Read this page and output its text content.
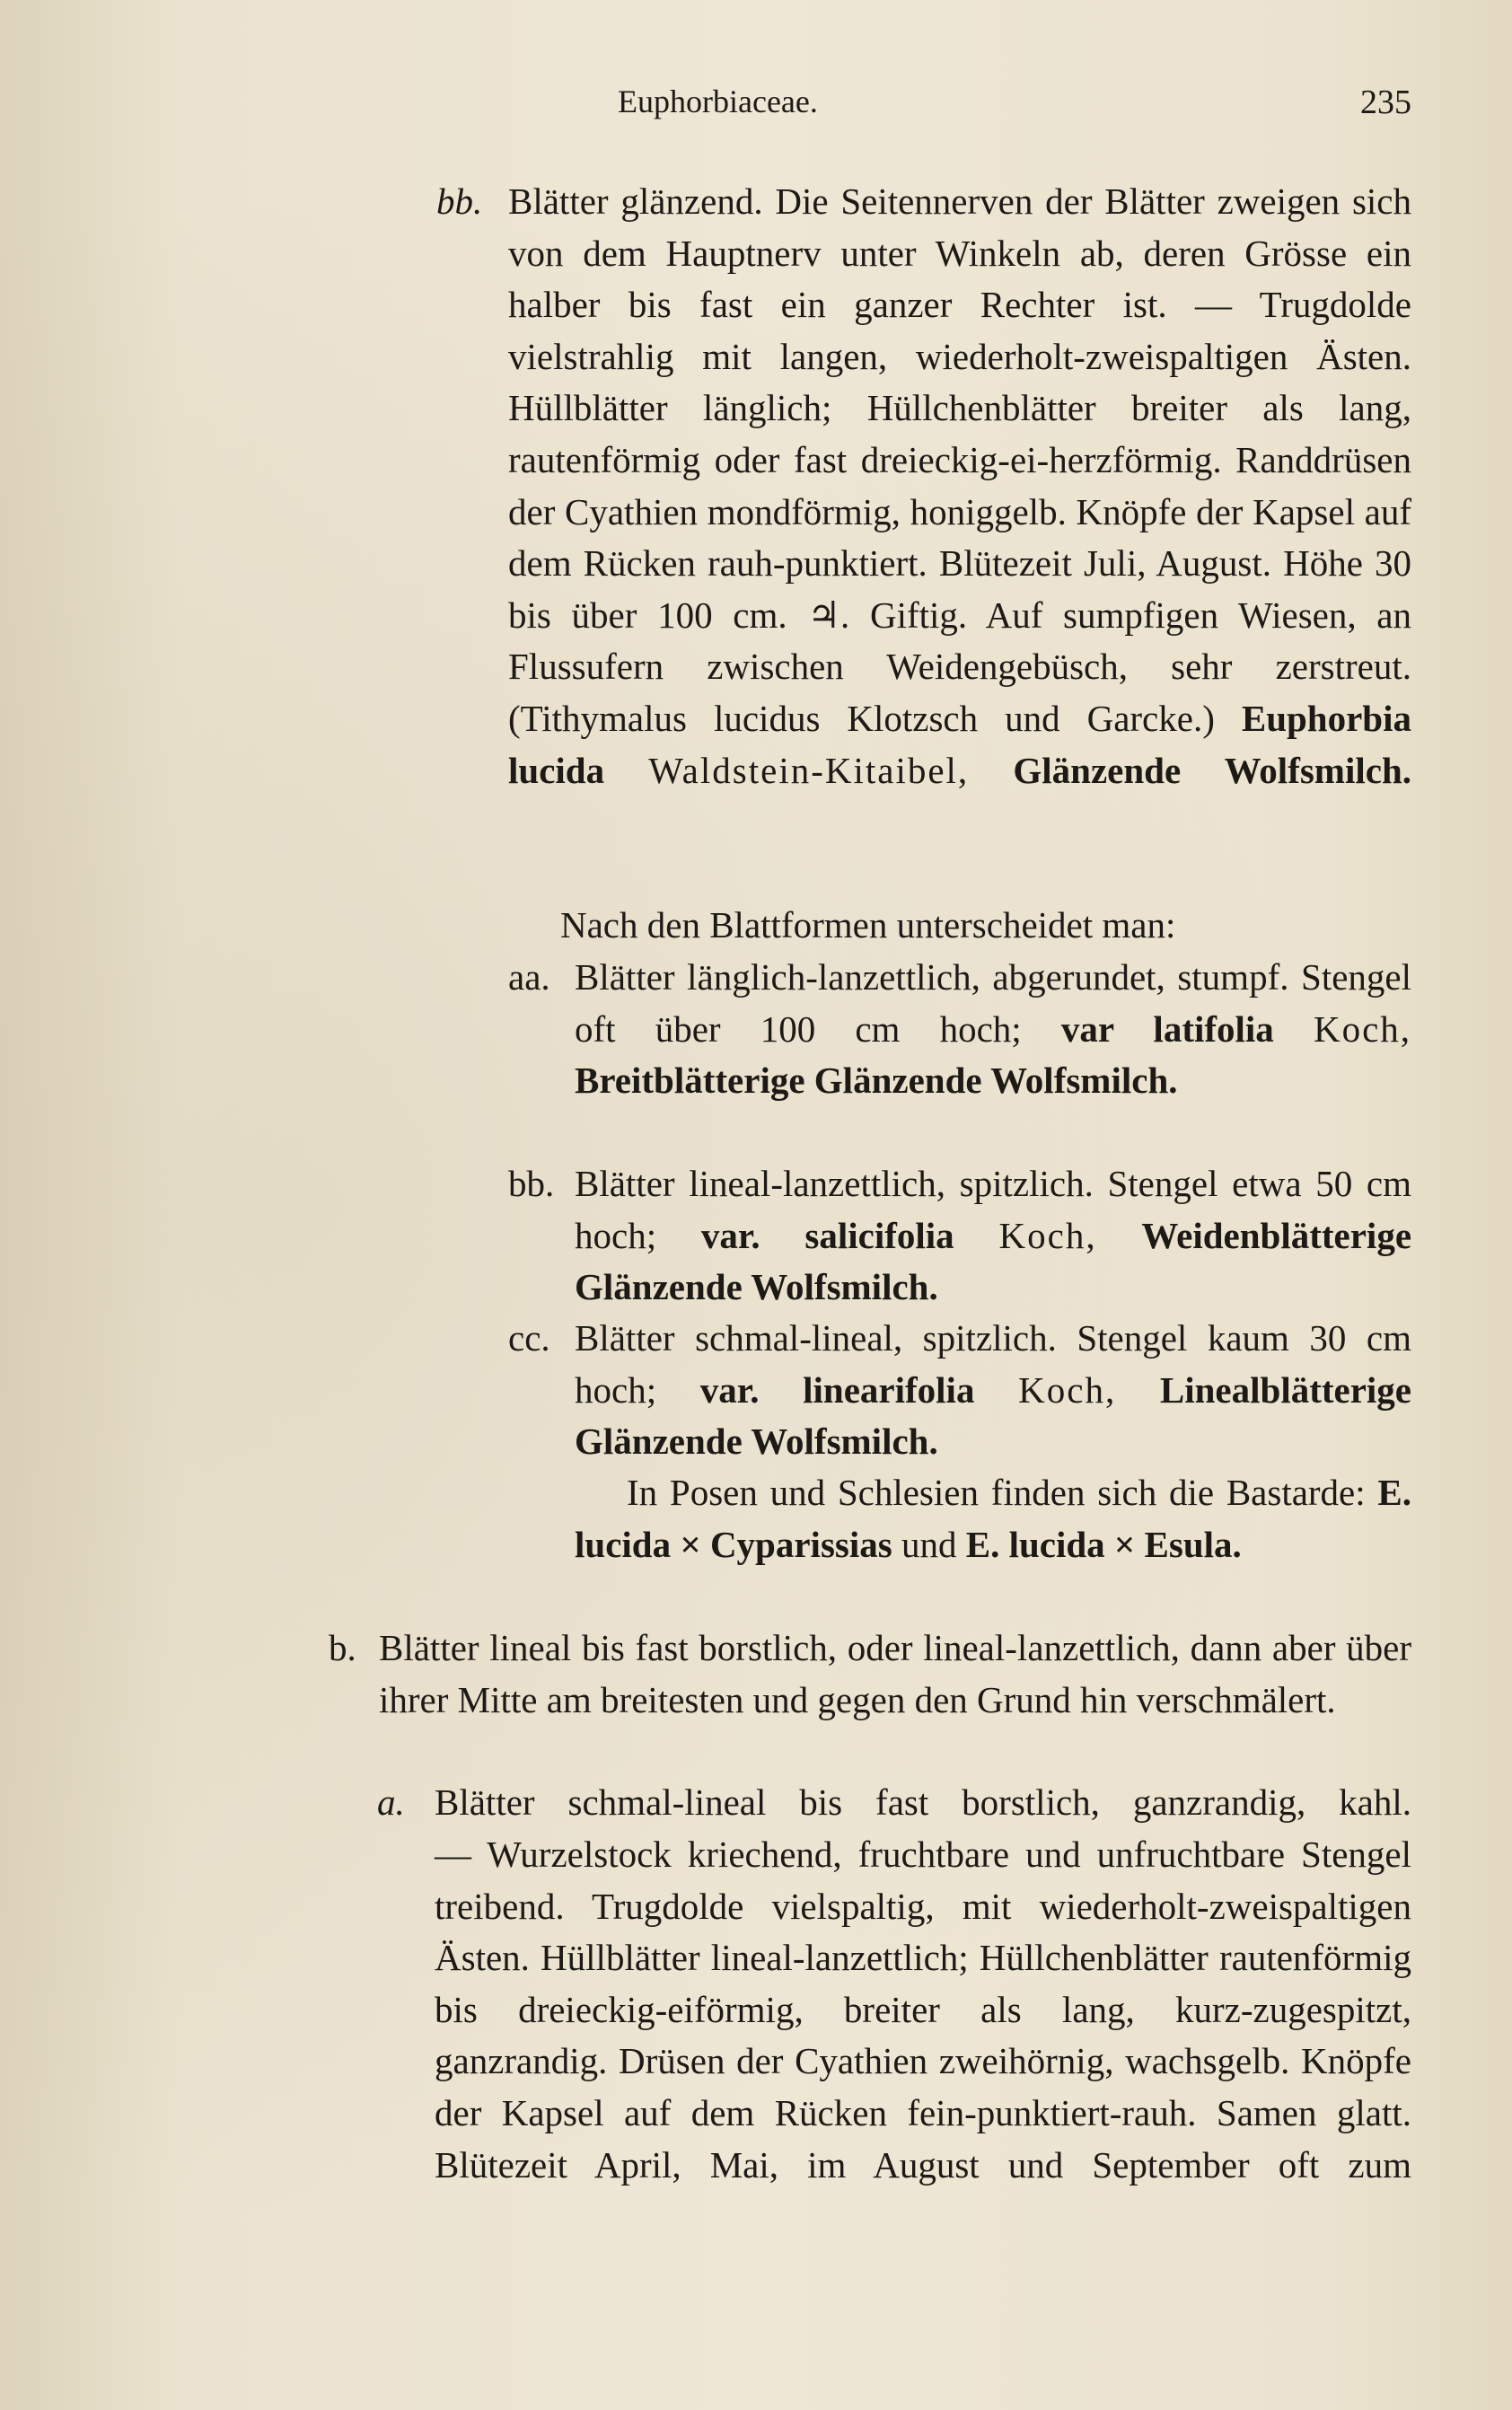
Euphorbiaceae.	235
bb. Blätter glänzend. Die Seitennerven der Blätter zweigen sich von dem Hauptnerv unter Winkeln ab, deren Grösse ein halber bis fast ein ganzer Rechter ist. — Trugdolde vielstrahlig mit langen, wiederholt-zweispaltigen Ästen. Hüllblätter länglich; Hüllchenblätter breiter als lang, rautenförmig oder fast dreieckig-ei-herzförmig. Randdrüsen der Cyathien mondförmig, honiggelb. Knöpfe der Kapsel auf dem Rücken rauh-punktiert. Blütezeit Juli, August. Höhe 30 bis über 100 cm. ♃. Giftig. Auf sumpfigen Wiesen, an Flussufern zwischen Weidengebüsch, sehr zerstreut. (Tithymalus lucidus Klotzsch und Garcke.) Euphorbia lucida Waldstein-Kitaibel, Glänzende Wolfsmilch.
Nach den Blattformen unterscheidet man:
aa. Blätter länglich-lanzettlich, abgerundet, stumpf. Stengel oft über 100 cm hoch; var latifolia Koch, Breitblätterige Glänzende Wolfsmilch.
bb. Blätter lineal-lanzettlich, spitzlich. Stengel etwa 50 cm hoch; var. salicifolia Koch, Weidenblätterige Glänzende Wolfsmilch.
cc. Blätter schmal-lineal, spitzlich. Stengel kaum 30 cm hoch; var. linearifolia Koch, Linealblätterige Glänzende Wolfsmilch.
In Posen und Schlesien finden sich die Bastarde: E. lucida × Cyparissias und E. lucida × Esula.
b. Blätter lineal bis fast borstlich, oder lineal-lanzettlich, dann aber über ihrer Mitte am breitesten und gegen den Grund hin verschmälert.
a. Blätter schmal-lineal bis fast borstlich, ganzrandig, kahl.
— Wurzelstock kriechend, fruchtbare und unfruchtbare Stengel treibend. Trugdolde vielspaltig, mit wiederholt-zweispaltigen Ästen. Hüllblätter lineal-lanzettlich; Hüllchenblätter rautenförmig bis dreieckig-eiförmig, breiter als lang, kurz-zugespitzt, ganzrandig. Drüsen der Cyathien zweihörnig, wachsgelb. Knöpfe der Kapsel auf dem Rücken fein-punktiert-rauh. Samen glatt. Blütezeit April, Mai, im August und September oft zum
